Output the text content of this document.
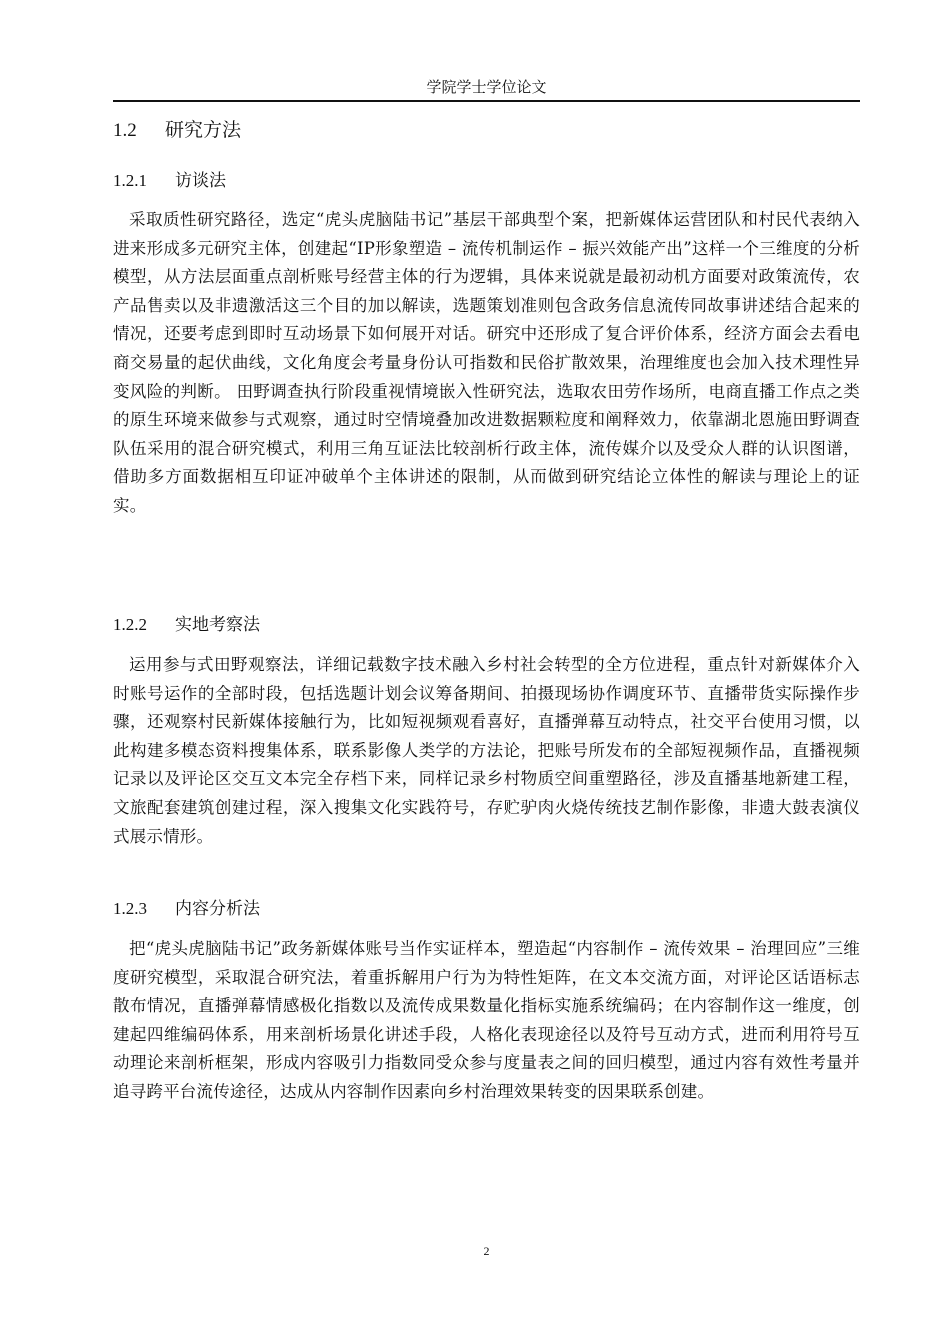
学院学士学位论文
1.2 研究方法
1.2.1 访谈法
采取质性研究路径，选定“虎头虎脑陆书记”基层干部典型个案，把新媒体运营团队和村民代表纳入进来形成多元研究主体，创建起“IP形象塑造 – 流传机制运作 – 振兴效能产出”这样一个三维度的分析模型，从方法层面重点剖析账号经营主体的行为逻辑，具体来说就是最初动机方面要对政策流传，农产品售卖以及非遗激活这三个目的加以解读，选题策划准则包含政务信息流传同故事讲述结合起来的情况，还要考虑到即时互动场景下如何展开对话。研究中还形成了复合评价体系，经济方面会去看电商交易量的起伏曲线，文化角度会考量身份认可指数和民俗扩散效果，治理维度也会加入技术理性异变风险的判断。 田野调查执行阶段重视情境嵌入性研究法，选取农田劳作场所，电商直播工作点之类的原生环境来做参与式观察，通过时空情境叠加改进数据颗粒度和阐释效力，依靠湖北恩施田野调查队伍采用的混合研究模式，利用三角互证法比较剖析行政主体，流传媒介以及受众人群的认识图谱，借助多方面数据相互印证冲破单个主体讲述的限制，从而做到研究结论立体性的解读与理论上的证实。
1.2.2 实地考察法
运用参与式田野观察法，详细记载数字技术融入乡村社会转型的全方位进程，重点针对新媒体介入时账号运作的全部时段，包括选题计划会议筹备期间、拍摄现场协作调度环节、直播带货实际操作步骤，还观察村民新媒体接触行为，比如短视频观看喜好，直播弹幕互动特点，社交平台使用习惯，以此构建多模态资料搜集体系，联系影像人类学的方法论，把账号所发布的全部短视频作品，直播视频记录以及评论区交互文本完全存档下来，同样记录乡村物质空间重塑路径，涉及直播基地新建工程，文旅配套建筑创建过程，深入搜集文化实践符号，存贮驴肉火烧传统技艺制作影像，非遗大鼓表演仪式展示情形。
1.2.3 内容分析法
把“虎头虎脑陆书记”政务新媒体账号当作实证样本，塑造起“内容制作 – 流传效果 – 治理回应”三维度研究模型，采取混合研究法，着重拆解用户行为为特性矩阵，在文本交流方面，对评论区话语标志散布情况，直播弹幕情感极化指数以及流传成果数量化指标实施系统编码；在内容制作这一维度，创建起四维编码体系，用来剖析场景化讲述手段，人格化表现途径以及符号互动方式，进而利用符号互动理论来剖析框架，形成内容吸引力指数同受众参与度量表之间的回归模型，通过内容有效性考量并追寻跨平台流传途径，达成从内容制作因素向乡村治理效果转变的因果联系创建。
2
